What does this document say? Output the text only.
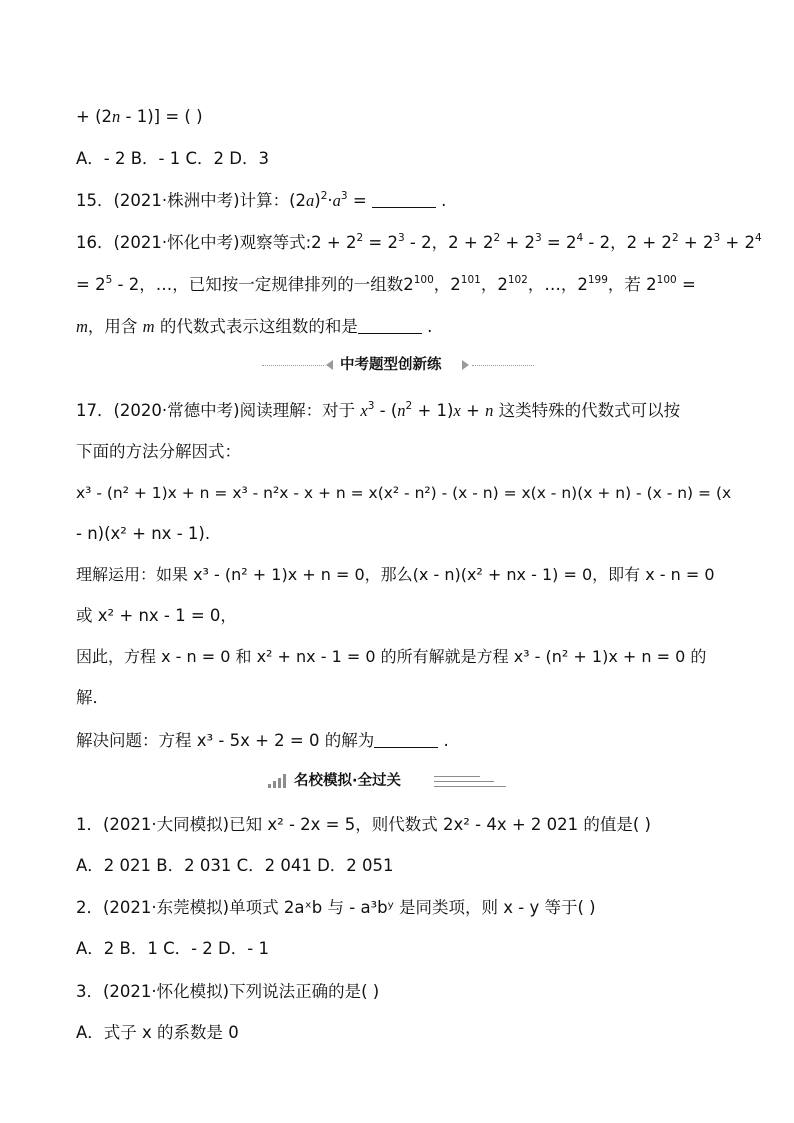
+ (2n - 1)] = ( )
A．- 2 B．- 1 C．2 D．3
15．(2021·株洲中考)计算：$(2a)^2\cdot a^3$ =	.
16．(2021·怀化中考)观察等式:2 + $2^2 = 2^3 - 2$，$2 + 2^2 + 2^3 = 2^4 - 2$，$2 + 2^2 + 2^3 + 2^4$
= $2^5 - 2$，…，已知按一定规律排列的一组数$2^{100}$，$2^{101}$，$2^{102}$，…，$2^{199}$，若 $2^{100}$ =
m，用含 m 的代数式表示这组数的和是	.
中考题型创新练
17．(2020·常德中考)阅读理解：对于 $x^3 - (n^2 + 1)x + n$ 这类特殊的代数式可以按
下面的方法分解因式：
x³ - (n² + 1)x + n = x³ - n²x - x + n = x(x² - n²) - (x - n) = x(x - n)(x + n) - (x - n) = (x
- n)(x² + nx - 1).
理解运用：如果 x³ - (n² + 1)x + n = 0，那么(x - n)(x² + nx - 1) = 0，即有 x - n = 0
或 x² + nx - 1 = 0，
因此，方程 x - n = 0 和 x² + nx - 1 = 0 的所有解就是方程 x³ - (n² + 1)x + n = 0 的
解．
解决问题：方程 x³ - 5x + 2 = 0 的解为	.
名校模拟·全过关
1．(2021·大同模拟)已知 x² - 2x = 5，则代数式 2x² - 4x + 2 021 的值是( )
A．2 021 B．2 031 C．2 041 D．2 051
2．(2021·东莞模拟)单项式 2aˣb 与 - a³bʸ 是同类项，则 x - y 等于( )
A．2 B．1 C．- 2 D．- 1
3．(2021·怀化模拟)下列说法正确的是( )
A．式子 x 的系数是 0
